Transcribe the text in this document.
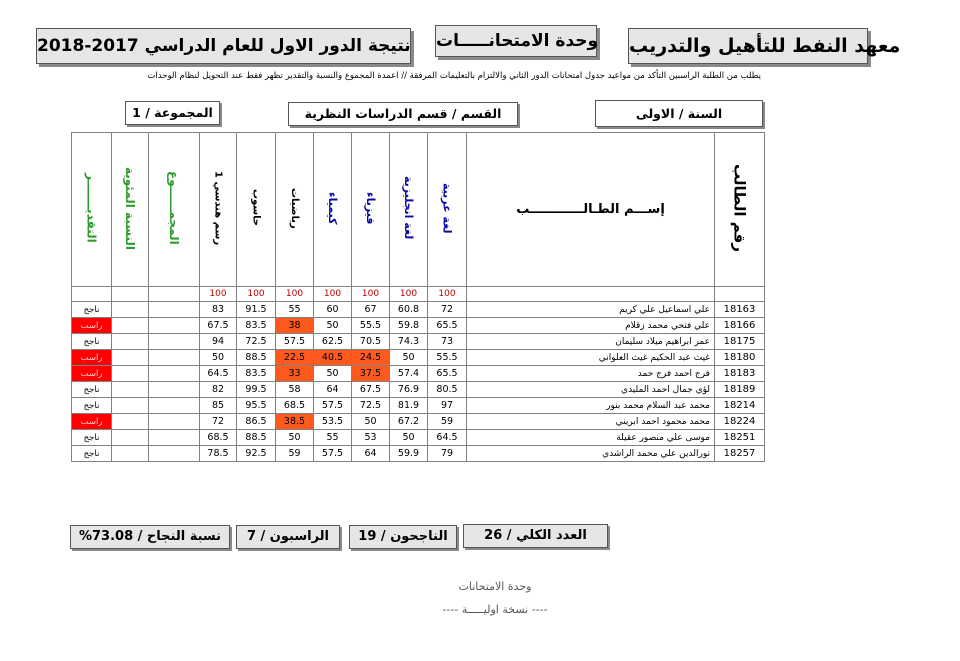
معهد النفط للتأهيل والتدريب
وحدة الامتحانـــــات
نتيجة الدور الاول للعام الدراسي 2017-2018
يطلب من الطلبة الراسبين التأكد من مواعيد جدول امتحانات الدور الثاني والالتزام بالتعليمات المرفقة // اعمدة المجموع والنسبة والتقدير تظهر فقط عند التحويل لنظام الوحدات
السنة / الاولى
القسم / قسم الدراسات النظرية
المجموعة / 1
التقديـــــــر	النسبة المئوية	المجمــــــوع	رسم هندسي 1	حاسوب	رياضيات	كيمياء	فيزياء	لغة انجليزية	لغة عربية	إســـم الطـالــــــــــــب	رقم الطالب
			100	100	100	100	100	100	100		
ناجح			83	91.5	55	60	67	60.8	72	علي اسماعيل علي كريم	18163
راسب			67.5	83.5	38	50	55.5	59.8	65.5	علي فتحي محمد زقلام	18166
ناجح			94	72.5	57.5	62.5	70.5	74.3	73	عمر ابراهيم ميلاد سليمان	18175
راسب			50	88.5	22.5	40.5	24.5	50	55.5	غيث عبد الحكيم غيث العلواني	18180
راسب			64.5	83.5	33	50	37.5	57.4	65.5	فرج احمد فرج حمد	18183
ناجح			82	99.5	58	64	67.5	76.9	80.5	لؤي جمال احمد المليدي	18189
ناجح			85	95.5	68.5	57.5	72.5	81.9	97	محمد عبد السلام محمد بنور	18214
راسب			72	86.5	38.5	53.5	50	67.2	59	محمد محمود احمد ابريني	18224
ناجح			68.5	88.5	50	55	53	50	64.5	موسى علي منصور عقيلة	18251
ناجح			78.5	92.5	59	57.5	64	59.9	79	نورالدين علي محمد الراشدي	18257
العدد الكلي / 26
الناجحون / 19
الراسبون / 7
نسبة النجاح / 73.08%
وحدة الامتحانات
---- نسخة اوليـــــة ----
